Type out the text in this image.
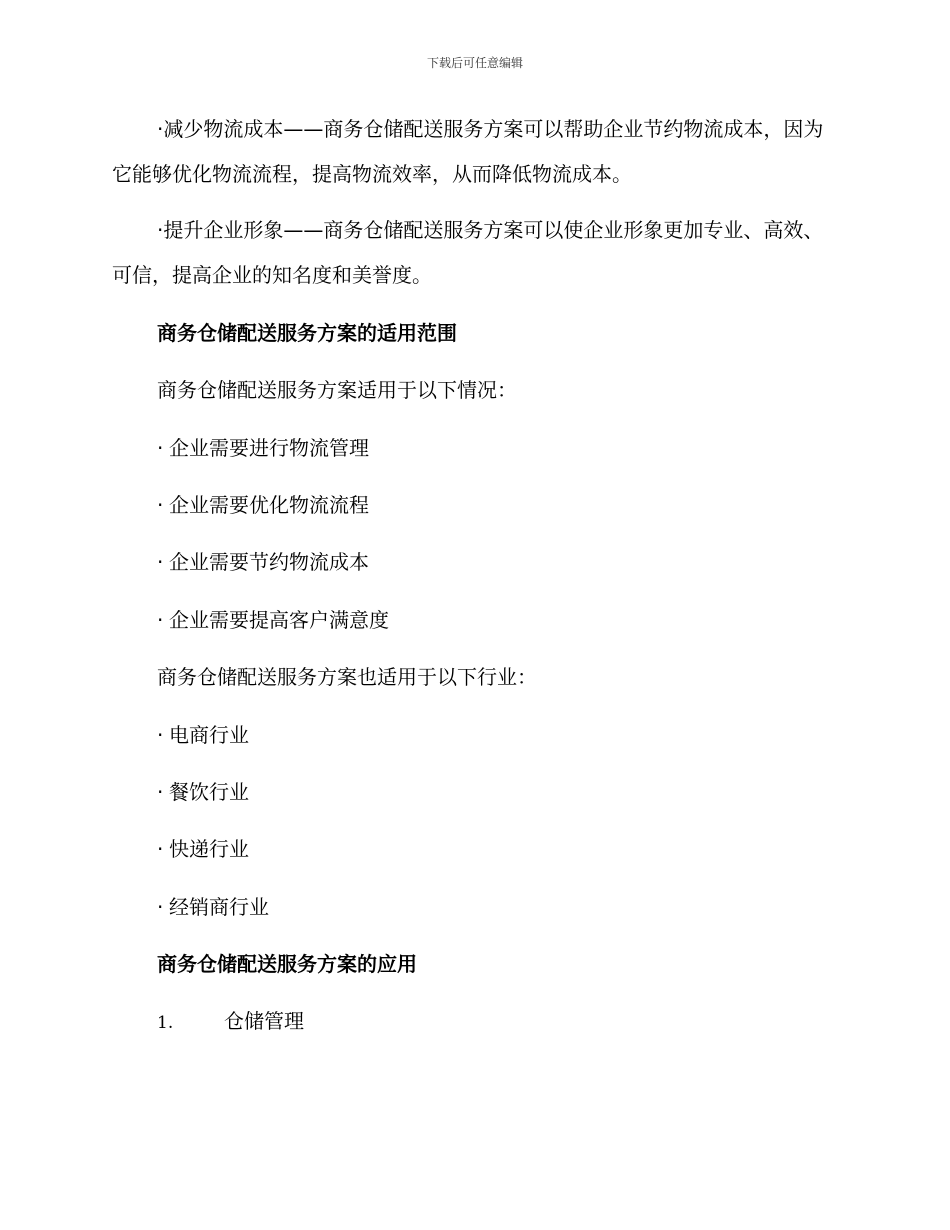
下载后可任意编辑

·减少物流成本——商务仓储配送服务方案可以帮助企业节约物流成本，因为它能够优化物流流程，提高物流效率，从而降低物流成本。

·提升企业形象——商务仓储配送服务方案可以使企业形象更加专业、高效、可信，提高企业的知名度和美誉度。

商务仓储配送服务方案的适用范围

商务仓储配送服务方案适用于以下情况：

· 企业需要进行物流管理

· 企业需要优化物流流程

· 企业需要节约物流成本

· 企业需要提高客户满意度

商务仓储配送服务方案也适用于以下行业：

· 电商行业

· 餐饮行业

· 快递行业

· 经销商行业

商务仓储配送服务方案的应用
1.	仓储管理
